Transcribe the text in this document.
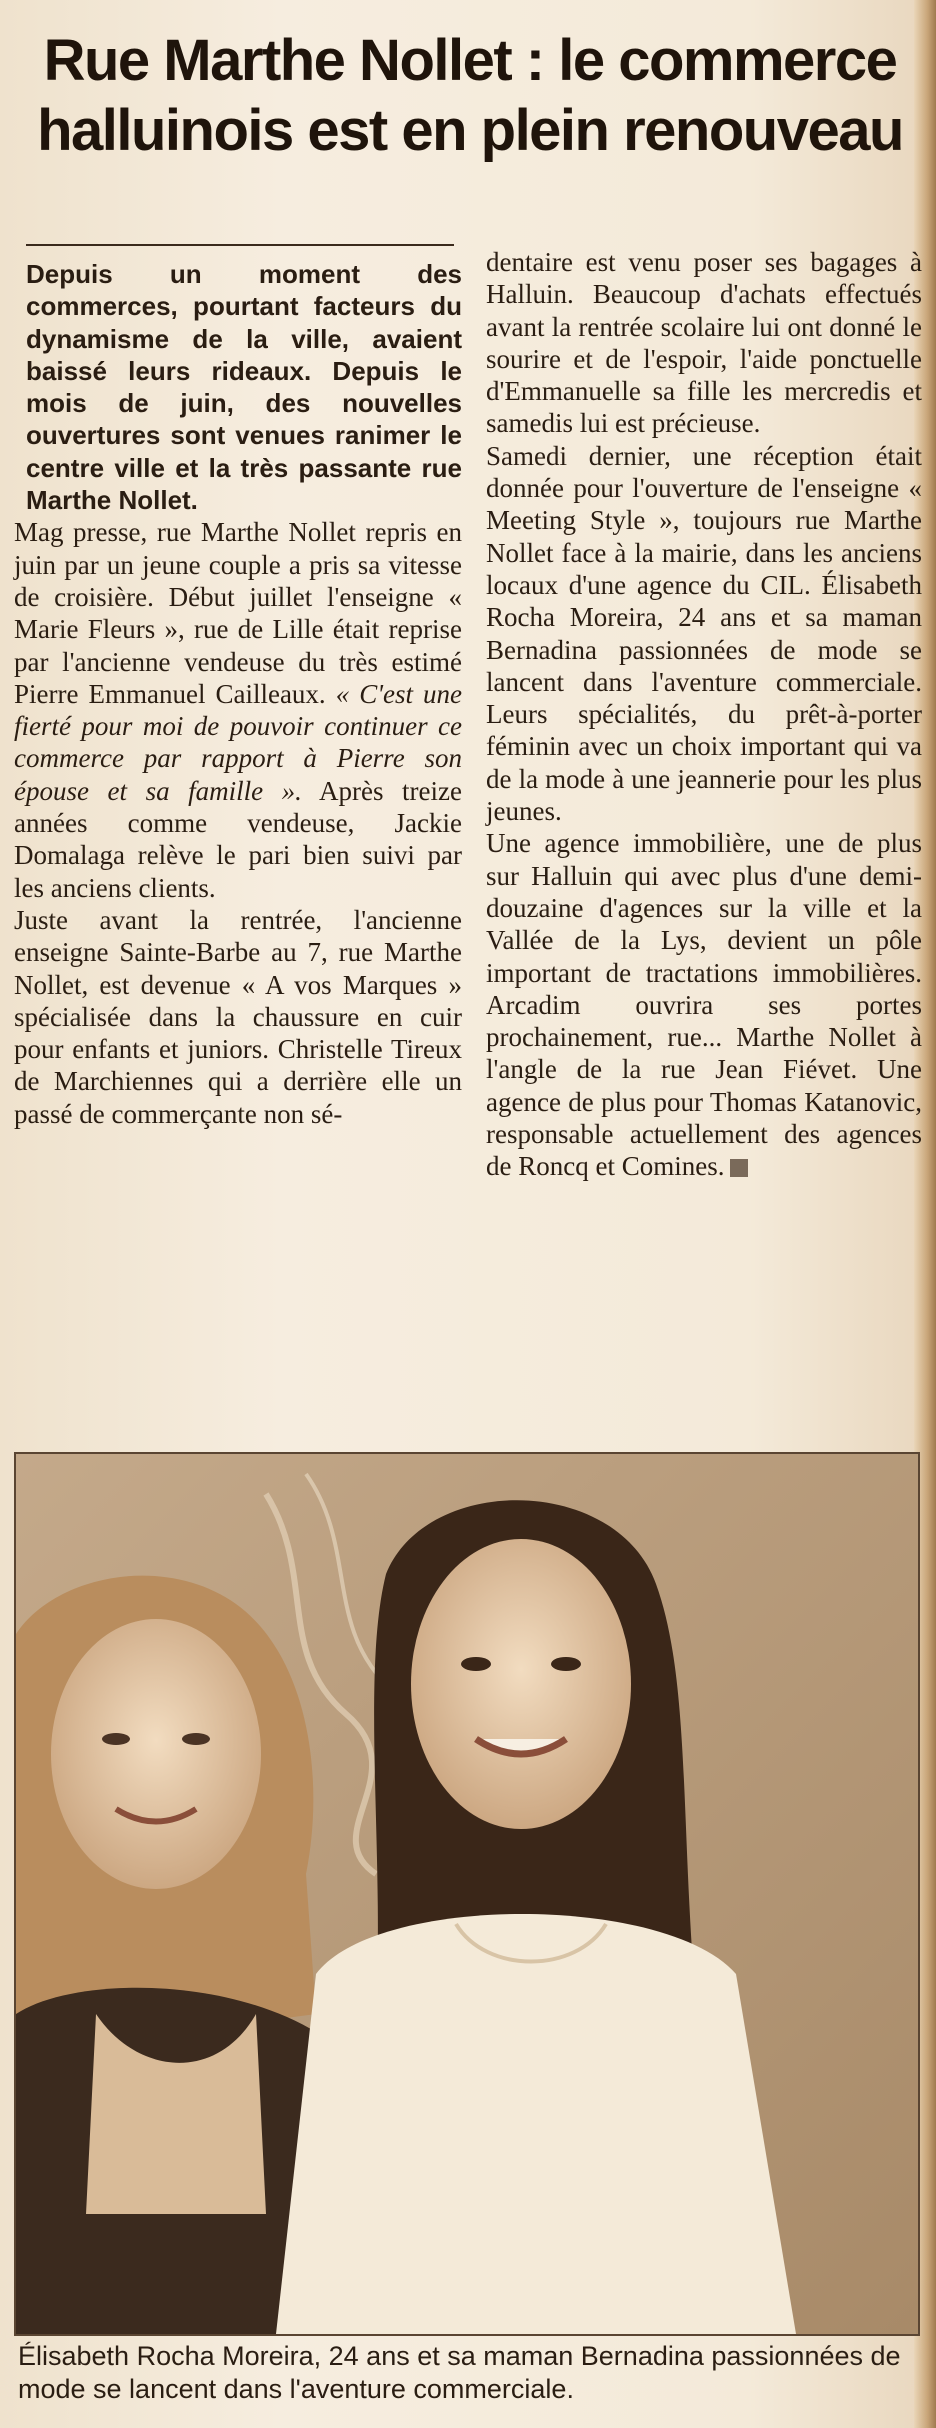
Rue Marthe Nollet : le commerce halluinois est en plein renouveau

Depuis un moment des commerces, pourtant facteurs du dynamisme de la ville, avaient baissé leurs rideaux. Depuis le mois de juin, des nouvelles ouvertures sont venues ranimer le centre ville et la très passante rue Marthe Nollet.

Mag presse, rue Marthe Nollet repris en juin par un jeune couple a pris sa vitesse de croisière. Début juillet l'enseigne « Marie Fleurs », rue de Lille était reprise par l'ancienne vendeuse du très estimé Pierre Emmanuel Cailleaux. « C'est une fierté pour moi de pouvoir continuer ce commerce par rapport à Pierre son épouse et sa famille ». Après treize années comme vendeuse, Jackie Domalaga relève le pari bien suivi par les anciens clients.

Juste avant la rentrée, l'ancienne enseigne Sainte-Barbe au 7, rue Marthe Nollet, est devenue « A vos Marques » spécialisée dans la chaussure en cuir pour enfants et juniors. Christelle Tireux de Marchiennes qui a derrière elle un passé de commerçante non sé-

dentaire est venu poser ses bagages à Halluin. Beaucoup d'achats effectués avant la rentrée scolaire lui ont donné le sourire et de l'espoir, l'aide ponctuelle d'Emmanuelle sa fille les mercredis et samedis lui est précieuse.

Samedi dernier, une réception était donnée pour l'ouverture de l'enseigne « Meeting Style », toujours rue Marthe Nollet face à la mairie, dans les anciens locaux d'une agence du CIL. Élisabeth Rocha Moreira, 24 ans et sa maman Bernadina passionnées de mode se lancent dans l'aventure commerciale. Leurs spécialités, du prêt-à-porter féminin avec un choix important qui va de la mode à une jeannerie pour les plus jeunes.

Une agence immobilière, une de plus sur Halluin qui avec plus d'une demi-douzaine d'agences sur la ville et la Vallée de la Lys, devient un pôle important de tractations immobilières. Arcadim ouvrira ses portes prochainement, rue... Marthe Nollet à l'angle de la rue Jean Fiévet. Une agence de plus pour Thomas Katanovic, responsable actuellement des agences de Roncq et Comines.

Élisabeth Rocha Moreira, 24 ans et sa maman Bernadina passionnées de mode se lancent dans l'aventure commerciale.
